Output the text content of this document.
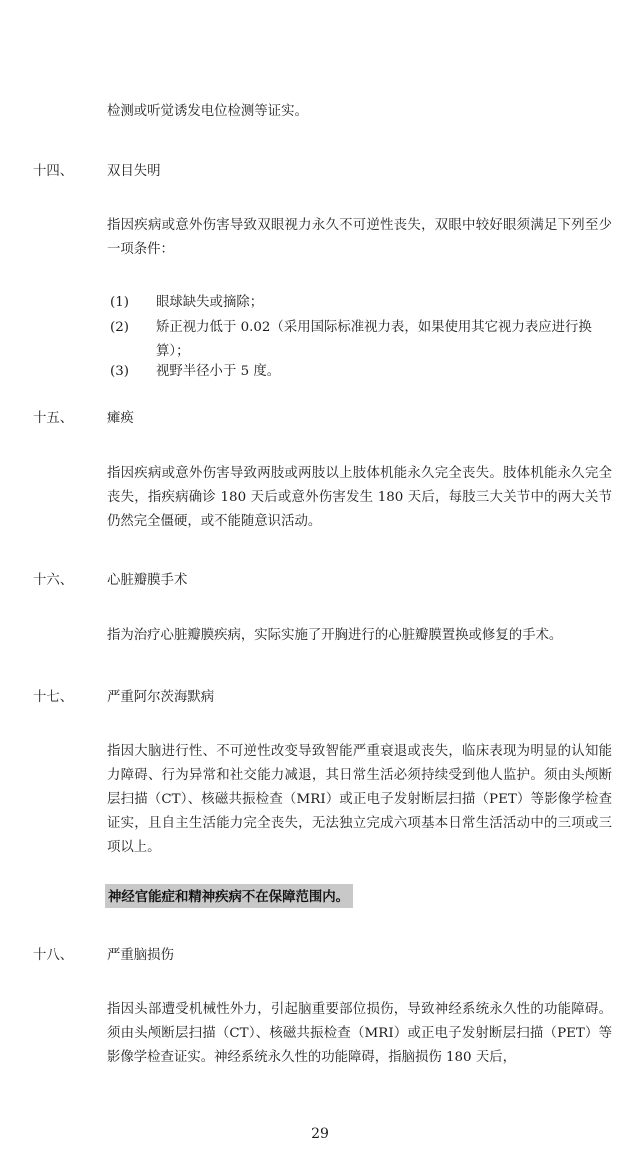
检测或听觉诱发电位检测等证实。
十四、	双目失明
指因疾病或意外伤害导致双眼视力永久不可逆性丧失，双眼中较好眼须满足下列至少一项条件：
(1) 眼球缺失或摘除；
(2) 矫正视力低于 0.02（采用国际标准视力表，如果使用其它视力表应进行换算）；
(3) 视野半径小于 5 度。
十五、	瘫痪
指因疾病或意外伤害导致两肢或两肢以上肢体机能永久完全丧失。肢体机能永久完全丧失，指疾病确诊 180 天后或意外伤害发生 180 天后，每肢三大关节中的两大关节仍然完全僵硬，或不能随意识活动。
十六、	心脏瓣膜手术
指为治疗心脏瓣膜疾病，实际实施了开胸进行的心脏瓣膜置换或修复的手术。
十七、	严重阿尔茨海默病
指因大脑进行性、不可逆性改变导致智能严重衰退或丧失，临床表现为明显的认知能力障碍、行为异常和社交能力减退，其日常生活必须持续受到他人监护。须由头颅断层扫描（CT）、核磁共振检查（MRI）或正电子发射断层扫描（PET）等影像学检查证实，且自主生活能力完全丧失，无法独立完成六项基本日常生活活动中的三项或三项以上。
神经官能症和精神疾病不在保障范围内。
十八、	严重脑损伤
指因头部遭受机械性外力，引起脑重要部位损伤，导致神经系统永久性的功能障碍。须由头颅断层扫描（CT）、核磁共振检查（MRI）或正电子发射断层扫描（PET）等影像学检查证实。神经系统永久性的功能障碍，指脑损伤 180 天后，
29
